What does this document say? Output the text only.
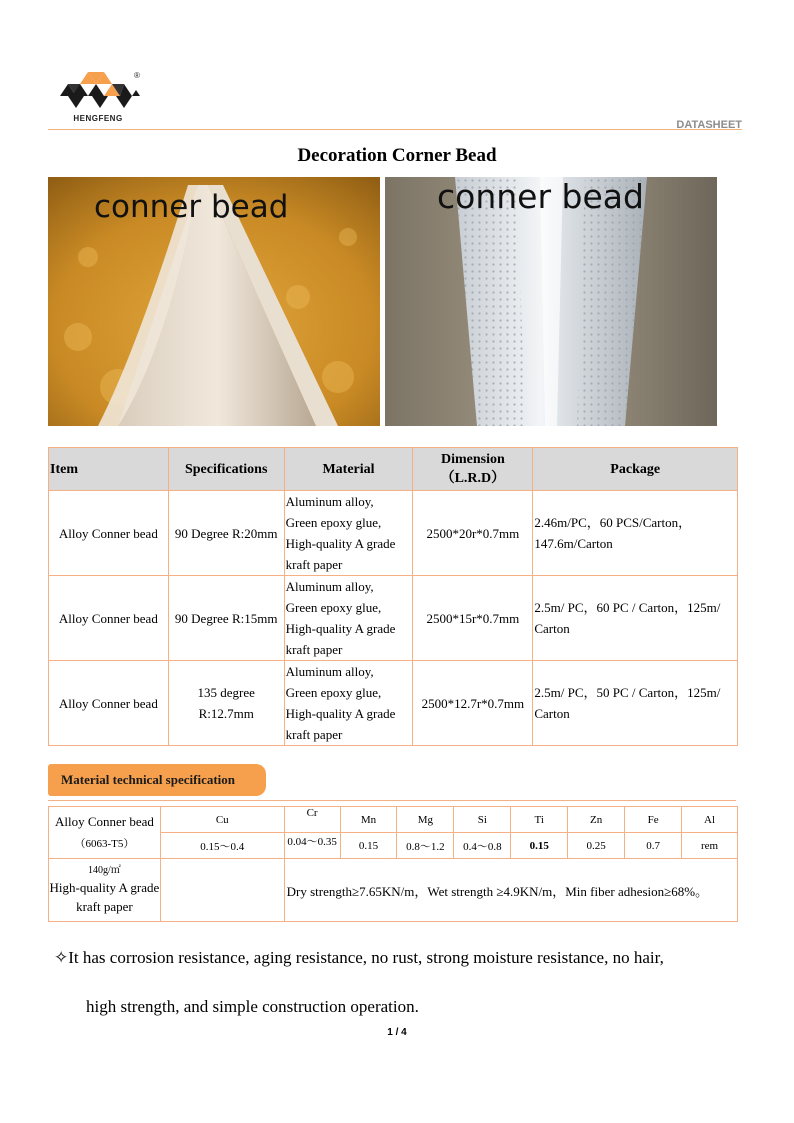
®
HENGFENG
DATASHEET
Decoration Corner Bead
conner bead	conner bead
Item	Specifications	Material	Dimension
（L.R.D）	Package
Alloy Conner bead	90 Degree R:20mm	Aluminum alloy,
Green epoxy glue,
High-quality A grade
kraft paper	2500*20r*0.7mm	2.46m/PC，60 PCS/Carton，147.6m/Carton
Alloy Conner bead	90 Degree R:15mm	Aluminum alloy,
Green epoxy glue,
High-quality A grade
kraft paper	2500*15r*0.7mm	2.5m/ PC，60 PC / Carton，125m/ Carton
Alloy Conner bead	135 degree
R:12.7mm	Aluminum alloy,
Green epoxy glue,
High-quality A grade
kraft paper	2500*12.7r*0.7mm	2.5m/ PC，50 PC / Carton，125m/ Carton
Material technical specification
Alloy Conner bead
（6063-T5）	Cu	Cr	Mn	Mg	Si	Ti	Zn	Fe	Al
	0.15～0.4	0.04～0.35	0.15	0.8～1.2	0.4～0.8	0.15	0.25	0.7	rem

140g/㎡
High-quality A grade kraft paper		Dry strength≥7.65KN/m，Wet strength ≥4.9KN/m，Min fiber adhesion≥68%。							
✧It has corrosion resistance, aging resistance, no rust, strong moisture resistance, no hair,
high strength, and simple construction operation.
1 / 4
